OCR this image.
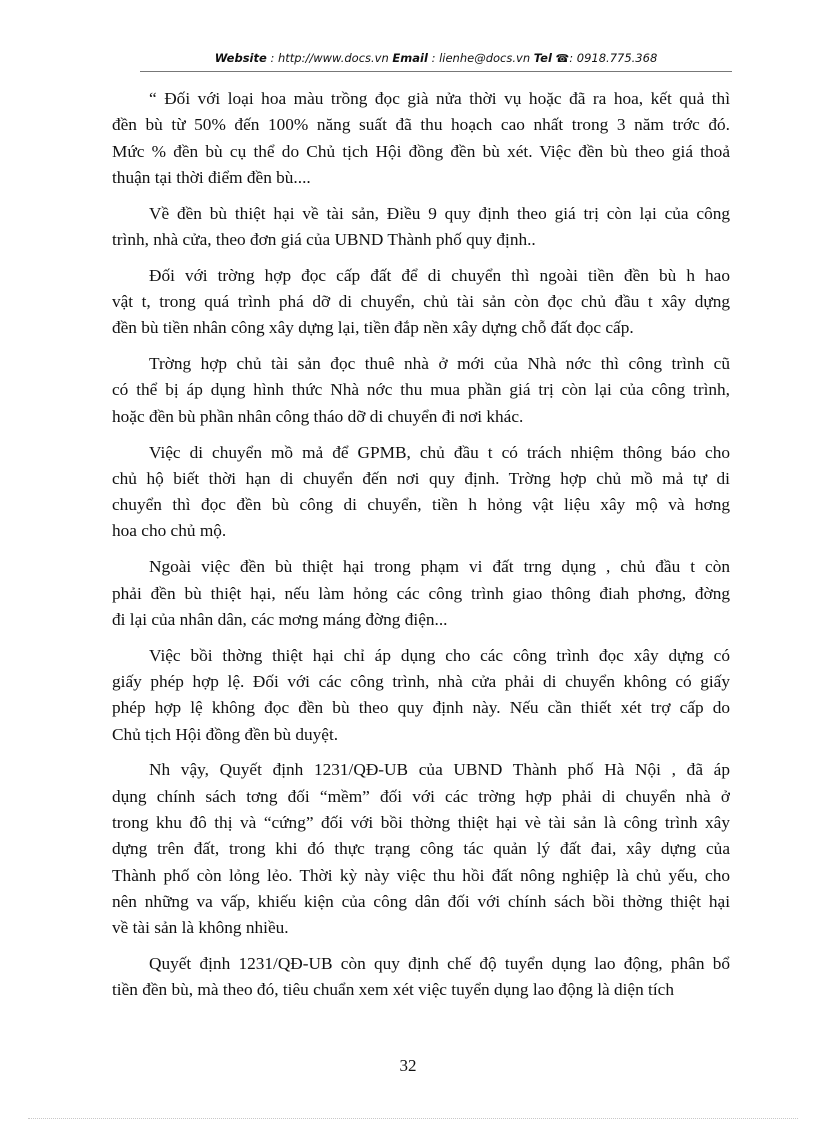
Website : http://www.docs.vn Email : lienhe@docs.vn Tel ☎: 0918.775.368
“ Đối với loại hoa màu trồng đọc già nửa thời vụ hoặc đã ra hoa, kết quả thì
đền bù từ 50% đến 100% năng suất đã thu hoạch cao nhất trong 3 năm trớc đó.
Mức % đền bù cụ thể do Chủ tịch Hội đồng đền bù xét. Việc đền bù theo giá thoả
thuận tại thời điểm đền bù....
Về đền bù thiệt hại về tài sản, Điều 9 quy định theo giá trị còn lại của công
trình, nhà cửa, theo đơn giá của UBND Thành phố quy định..
Đối với trờng hợp đọc cấp đất để di chuyển thì ngoài tiền đền bù h hao
vật t, trong quá trình phá dỡ di chuyển, chủ tài sản còn đọc chủ đầu t xây dựng
đền bù tiền nhân công xây dựng lại, tiền đắp nền xây dựng chỗ đất đọc cấp.
Trờng hợp chủ tài sản đọc thuê nhà ở mới của Nhà nớc thì công trình cũ
có thể bị áp dụng hình thức Nhà nớc thu mua phần giá trị còn lại của công trình,
hoặc đền bù phần nhân công tháo dỡ di chuyển đi nơi khác.
Việc di chuyển mồ mả để GPMB, chủ đầu t có trách nhiệm thông báo cho
chủ hộ biết thời hạn di chuyển đến nơi quy định. Trờng hợp chủ mồ mả tự di
chuyển thì đọc đền bù công di chuyển, tiền h hỏng vật liệu xây mộ và hơng
hoa cho chủ mộ.
Ngoài việc đền bù thiệt hại trong phạm vi đất trng dụng , chủ đầu t còn
phải đền bù thiệt hại, nếu làm hỏng các công trình giao thông điah phơng, đờng
đi lại của nhân dân, các mơng máng đờng điện...
Việc bồi thờng thiệt hại chỉ áp dụng cho các công trình đọc xây dựng có
giấy phép hợp lệ. Đối với các công trình, nhà cửa phải di chuyển không có giấy
phép hợp lệ không đọc đền bù theo quy định này. Nếu cần thiết xét trợ cấp do
Chủ tịch Hội đồng đền bù duyệt.
Nh vậy, Quyết định 1231/QĐ-UB của UBND Thành phố Hà Nội , đã áp
dụng chính sách tơng đối “mềm” đối với các trờng hợp phải di chuyển nhà ở
trong khu đô thị và “cứng” đối với bồi thờng thiệt hại vè tài sản là công trình xây
dựng trên đất, trong khi đó thực trạng công tác quản lý đất đai, xây dựng của
Thành phố còn lỏng lẻo. Thời kỳ này việc thu hồi đất nông nghiệp là chủ yếu, cho
nên những va vấp, khiếu kiện của công dân đối với chính sách bồi thờng thiệt hại
về tài sản là không nhiều.
Quyết định 1231/QĐ-UB còn quy định chế độ tuyển dụng lao động, phân bổ
tiền đền bù, mà theo đó, tiêu chuẩn xem xét việc tuyển dụng lao động là diện tích
32
